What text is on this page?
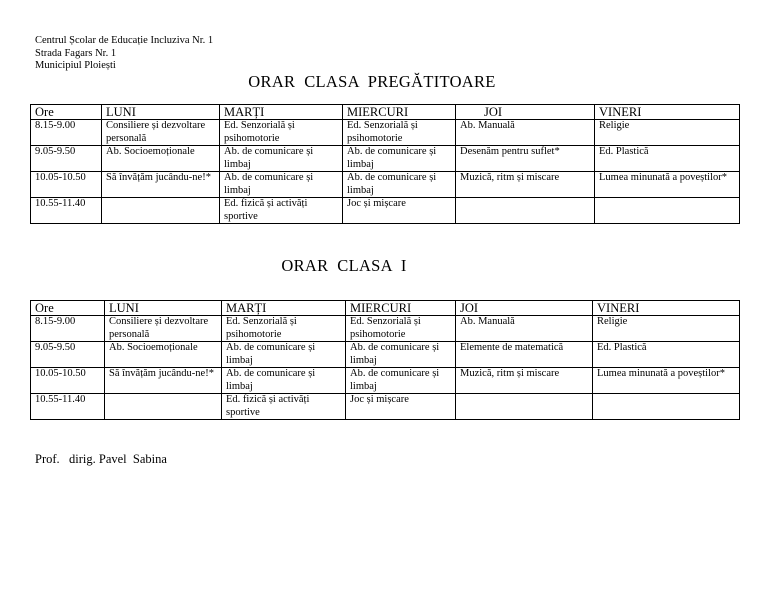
Centrul Școlar de Educație Incluziva Nr. 1
Strada Fagars Nr. 1
Municipiul Ploiești
ORAR  CLASA  PREGĂTITOARE
Ore	LUNI	MARȚI	MIERCURI	JOI	VINERI
8.15-9.00	Consiliere și dezvoltare personală	Ed. Senzorială și psihomotorie	Ed. Senzorială și psihomotorie	Ab. Manuală	Religie
9.05-9.50	Ab. Socioemoționale	Ab. de comunicare și limbaj	Ab. de comunicare și limbaj	Desenăm pentru suflet*	Ed. Plastică
10.05-10.50	Să învățăm jucându-ne!*	Ab. de comunicare și limbaj	Ab. de comunicare și limbaj	Muzică, ritm și miscare	Lumea minunată a poveștilor*
10.55-11.40		Ed. fizică și activăți sportive	Joc și mișcare		
ORAR  CLASA  I
Ore	LUNI	MARȚI	MIERCURI	JOI	VINERI
8.15-9.00	Consiliere și dezvoltare personală	Ed. Senzorială și psihomotorie	Ed. Senzorială și psihomotorie	Ab. Manuală	Religie
9.05-9.50	Ab. Socioemoționale	Ab. de comunicare și limbaj	Ab. de comunicare și limbaj	Elemente de matematică	Ed. Plastică
10.05-10.50	Să învățăm jucându-ne!*	Ab. de comunicare și limbaj	Ab. de comunicare și limbaj	Muzică, ritm și miscare	Lumea minunată a poveștilor*
10.55-11.40		Ed. fizică și activăți sportive	Joc și mișcare		
Prof.   dirig. Pavel  Sabina
